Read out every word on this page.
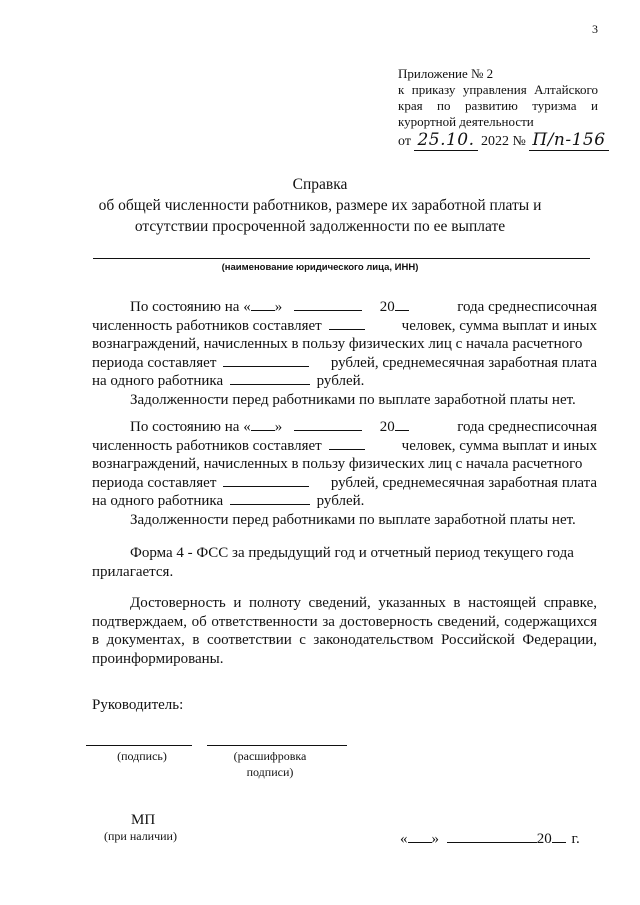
3
Приложение № 2
к приказу управления Алтайского
края по развитию туризма и
курортной деятельности
от 25.10. 2022 № П/п-156
Справка
об общей численности работников, размере их заработной платы и
отсутствии просроченной задолженности по ее выплате
(наименование юридического лица, ИНН)
По состоянию на « »	20	года среднесписочная
численность работников составляет	человек, сумма выплат и иных
вознаграждений, начисленных в пользу физических лиц с начала расчетного
периода составляет	рублей, среднемесячная заработная плата
на одного работника	рублей.
Задолженности перед работниками по выплате заработной платы нет.
По состоянию на « »	20	года среднесписочная
численность работников составляет	человек, сумма выплат и иных
вознаграждений, начисленных в пользу физических лиц с начала расчетного
периода составляет	рублей, среднемесячная заработная плата
на одного работника	рублей.
Задолженности перед работниками по выплате заработной платы нет.
Форма 4 - ФСС за предыдущий год и отчетный период текущего года
прилагается.
Достоверность и полноту сведений, указанных в настоящей справке,
подтверждаем, об ответственности за достоверность сведений, содержащихся
в документах, в соответствии с законодательством Российской Федерации,
проинформированы.
Руководитель:
(подпись)	(расшифровка
подписи)
МП
(при наличии)	« »	20 г.
